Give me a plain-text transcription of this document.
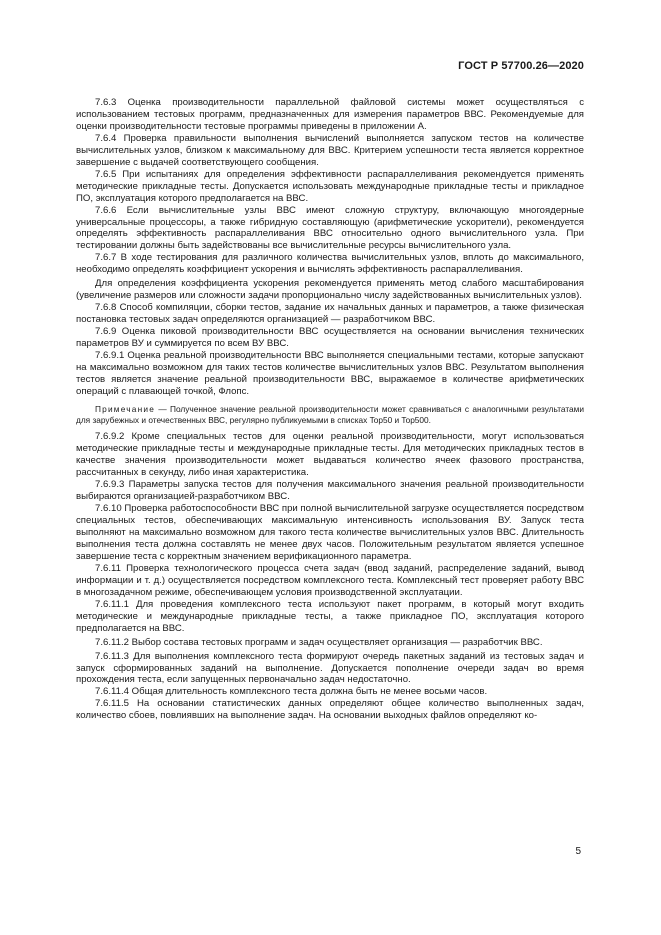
ГОСТ Р 57700.26—2020

7.6.3 Оценка производительности параллельной файловой системы может осуществляться с использованием тестовых программ, предназначенных для измерения параметров ВВС. Рекомендуемые для оценки производительности тестовые программы приведены в приложении А.

7.6.4 Проверка правильности выполнения вычислений выполняется запуском тестов на количестве вычислительных узлов, близком к максимальному для ВВС. Критерием успешности теста является корректное завершение с выдачей соответствующего сообщения.

7.6.5 При испытаниях для определения эффективности распараллеливания рекомендуется применять методические прикладные тесты. Допускается использовать международные прикладные тесты и прикладное ПО, эксплуатация которого предполагается на ВВС.

7.6.6 Если вычислительные узлы ВВС имеют сложную структуру, включающую многоядерные универсальные процессоры, а также гибридную составляющую (арифметические ускорители), рекомендуется определять эффективность распараллеливания ВВС относительно одного вычислительного узла. При тестировании должны быть задействованы все вычислительные ресурсы вычислительного узла.

7.6.7 В ходе тестирования для различного количества вычислительных узлов, вплоть до максимального, необходимо определять коэффициент ускорения и вычислять эффективность распараллеливания.

Для определения коэффициента ускорения рекомендуется применять метод слабого масштабирования (увеличение размеров или сложности задачи пропорционально числу задействованных вычислительных узлов).

7.6.8 Способ компиляции, сборки тестов, задание их начальных данных и параметров, а также физическая постановка тестовых задач определяются организацией — разработчиком ВВС.

7.6.9 Оценка пиковой производительности ВВС осуществляется на основании вычисления технических параметров ВУ и суммируется по всем ВУ ВВС.

7.6.9.1 Оценка реальной производительности ВВС выполняется специальными тестами, которые запускают на максимально возможном для таких тестов количестве вычислительных узлов ВВС. Результатом выполнения тестов является значение реальной производительности ВВС, выражаемое в количестве арифметических операций с плавающей точкой, Флопс.

Примечание — Полученное значение реальной производительности может сравниваться с аналогичными результатами для зарубежных и отечественных ВВС, регулярно публикуемыми в списках Top50 и Top500.

7.6.9.2 Кроме специальных тестов для оценки реальной производительности, могут использоваться методические прикладные тесты и международные прикладные тесты. Для методических прикладных тестов в качестве значения производительности может выдаваться количество ячеек фазового пространства, рассчитанных в секунду, либо иная характеристика.

7.6.9.3 Параметры запуска тестов для получения максимального значения реальной производительности выбираются организацией-разработчиком ВВС.

7.6.10 Проверка работоспособности ВВС при полной вычислительной загрузке осуществляется посредством специальных тестов, обеспечивающих максимальную интенсивность использования ВУ. Запуск теста выполняют на максимально возможном для такого теста количестве вычислительных узлов ВВС. Длительность выполнения теста должна составлять не менее двух часов. Положительным результатом является успешное завершение теста с корректным значением верификационного параметра.

7.6.11 Проверка технологического процесса счета задач (ввод заданий, распределение заданий, вывод информации и т. д.) осуществляется посредством комплексного теста. Комплексный тест проверяет работу ВВС в многозадачном режиме, обеспечивающем условия производственной эксплуатации.

7.6.11.1 Для проведения комплексного теста используют пакет программ, в который могут входить методические и международные прикладные тесты, а также прикладное ПО, эксплуатация которого предполагается на ВВС.

7.6.11.2 Выбор состава тестовых программ и задач осуществляет организация — разработчик ВВС.

7.6.11.3 Для выполнения комплексного теста формируют очередь пакетных заданий из тестовых задач и запуск сформированных заданий на выполнение. Допускается пополнение очереди задач во время прохождения теста, если запущенных первоначально задач недостаточно.

7.6.11.4 Общая длительность комплексного теста должна быть не менее восьми часов.

7.6.11.5 На основании статистических данных определяют общее количество выполненных задач, количество сбоев, повлиявших на выполнение задач. На основании выходных файлов определяют ко-

5
